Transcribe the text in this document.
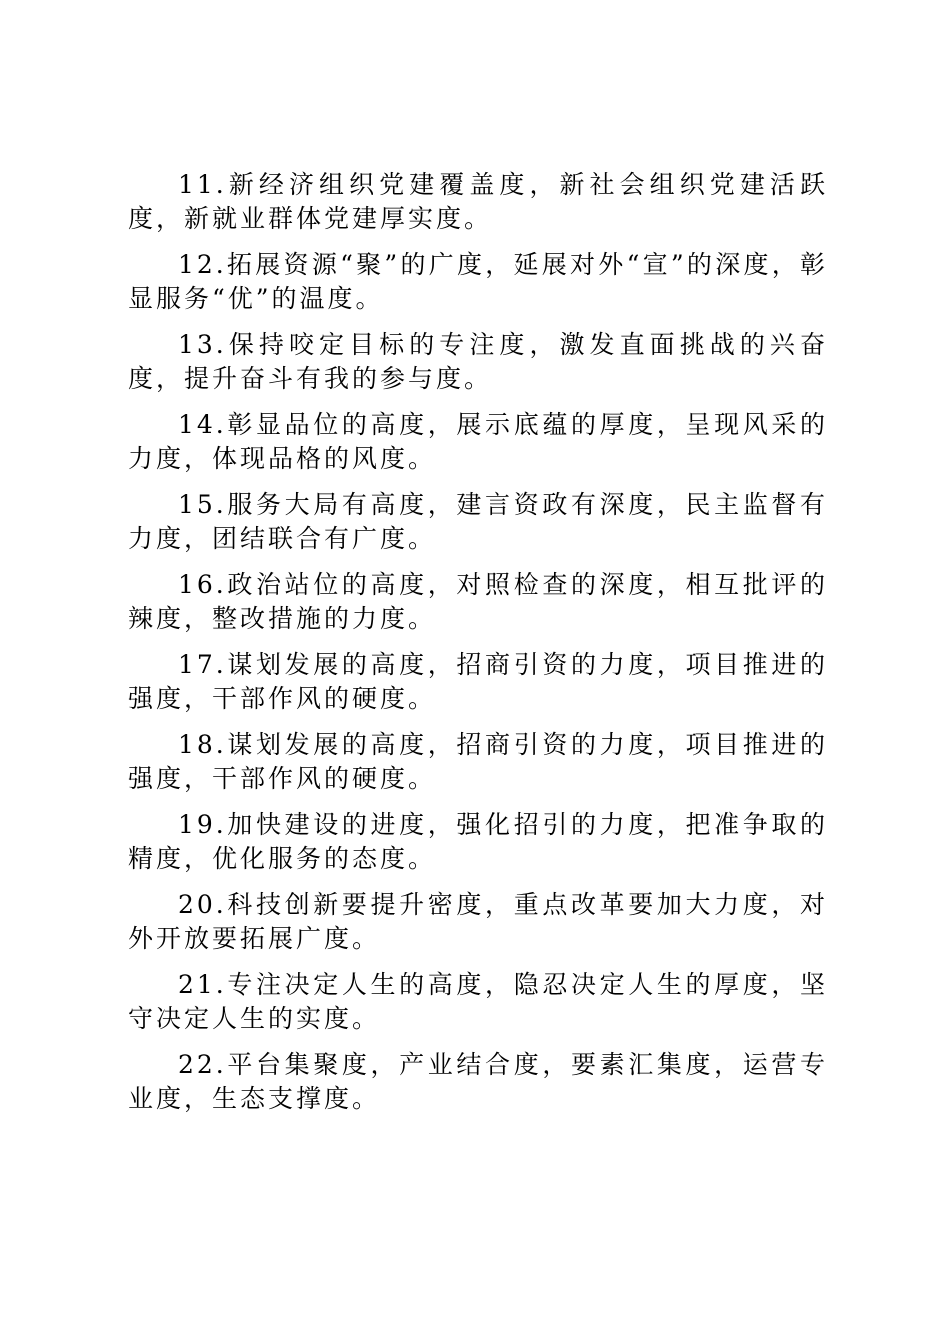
11.新经济组织党建覆盖度，新社会组织党建活跃度，新就业群体党建厚实度。

12.拓展资源“聚”的广度，延展对外“宣”的深度，彰显服务“优”的温度。

13.保持咬定目标的专注度，激发直面挑战的兴奋度，提升奋斗有我的参与度。

14.彰显品位的高度，展示底蕴的厚度，呈现风采的力度，体现品格的风度。

15.服务大局有高度，建言资政有深度，民主监督有力度，团结联合有广度。

16.政治站位的高度，对照检查的深度，相互批评的辣度，整改措施的力度。

17.谋划发展的高度，招商引资的力度，项目推进的强度，干部作风的硬度。

18.谋划发展的高度，招商引资的力度，项目推进的强度，干部作风的硬度。

19.加快建设的进度，强化招引的力度，把准争取的精度，优化服务的态度。

20.科技创新要提升密度，重点改革要加大力度，对外开放要拓展广度。

21.专注决定人生的高度，隐忍决定人生的厚度，坚守决定人生的实度。

22.平台集聚度，产业结合度，要素汇集度，运营专业度，生态支撑度。
